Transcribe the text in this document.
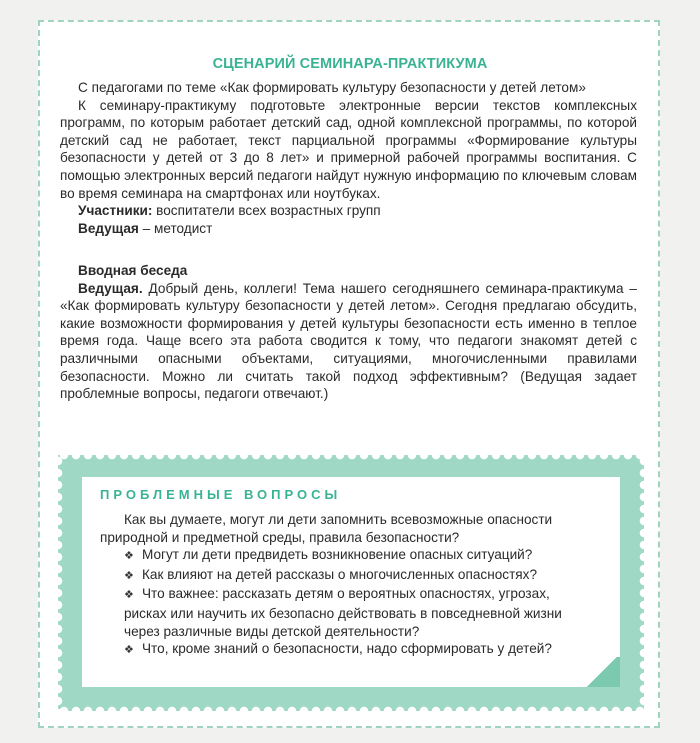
СЦЕНАРИЙ СЕМИНАРА-ПРАКТИКУМА

С педагогами по теме «Как формировать культуру безопасности у детей летом»

К семинару-практикуму подготовьте электронные версии текстов комплексных программ, по которым работает детский сад, одной комплексной программы, по которой детский сад не работает, текст парциальной программы «Формирование культуры безопасности у детей от 3 до 8 лет» и примерной рабочей программы воспитания. С помощью электронных версий педагоги найдут нужную информацию по ключевым словам во время семинара на смартфонах или ноутбуках.

Участники: воспитатели всех возрастных групп

Ведущая – методист

Вводная беседа

Ведущая. Добрый день, коллеги! Тема нашего сегодняшнего семинара-практикума – «Как формировать культуру безопасности у детей летом». Сегодня предлагаю обсудить, какие возможности формирования у детей культуры безопасности есть именно в теплое время года. Чаще всего эта работа сводится к тому, что педагоги знакомят детей с различными опасными объектами, ситуациями, многочисленными правилами безопасности. Можно ли считать такой подход эффективным? (Ведущая задает проблемные вопросы, педагоги отвечают.)

ПРОБЛЕМНЫЕ ВОПРОСЫ

Как вы думаете, могут ли дети запомнить всевозможные опасности природной и предметной среды, правила безопасности?

❖ Могут ли дети предвидеть возникновение опасных ситуаций?

❖ Как влияют на детей рассказы о многочисленных опасностях?

❖ Что важнее: рассказать детям о вероятных опасностях, угрозах, рисках или научить их безопасно действовать в повседневной жизни через различные виды детской деятельности?

❖ Что, кроме знаний о безопасности, надо сформировать у детей?
